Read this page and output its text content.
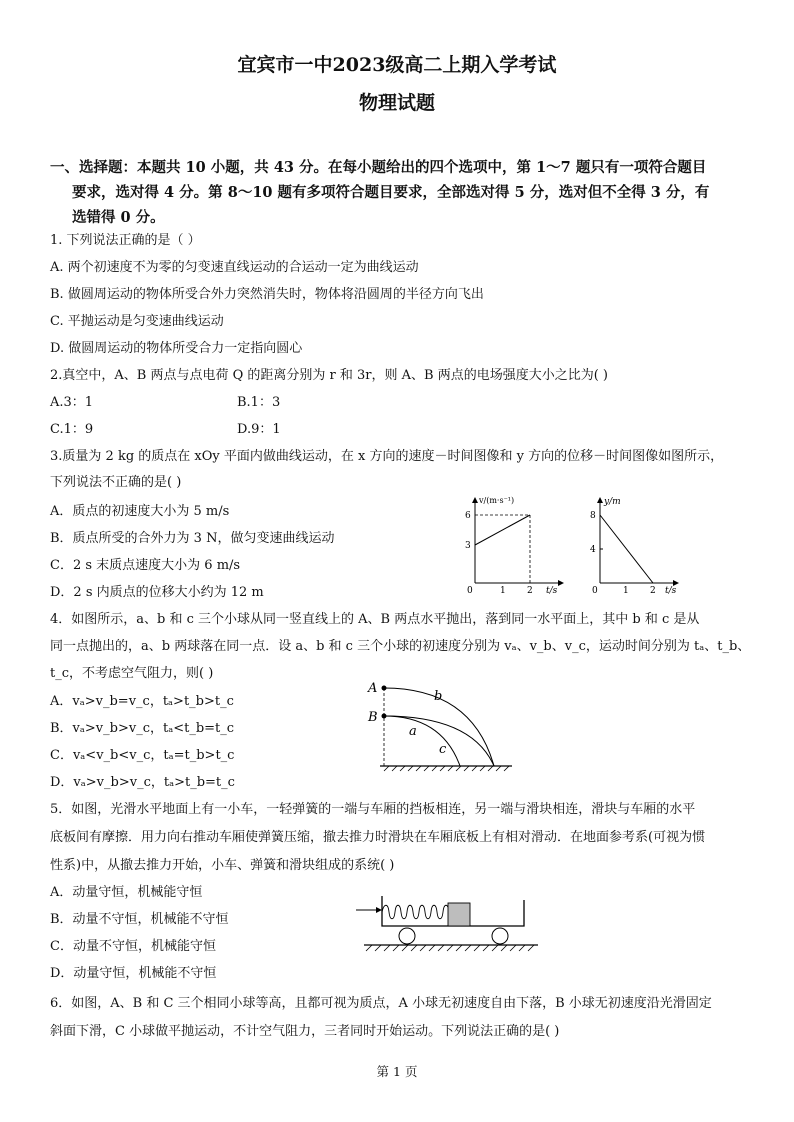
宜宾市一中2023级高二上期入学考试
物理试题
一、选择题：本题共 10 小题，共 43 分。在每小题给出的四个选项中，第 1～7 题只有一项符合题目
要求，选对得 4 分。第 8～10 题有多项符合题目要求，全部选对得 5 分，选对但不全得 3 分，有
选错得 0 分。
1. 下列说法正确的是（ ）
A. 两个初速度不为零的匀变速直线运动的合运动一定为曲线运动
B. 做圆周运动的物体所受合外力突然消失时，物体将沿圆周的半径方向飞出
C. 平抛运动是匀变速曲线运动
D. 做圆周运动的物体所受合力一定指向圆心
2.真空中，A、B 两点与点电荷 Q 的距离分别为 r 和 3r，则 A、B 两点的电场强度大小之比为( )
A.3：1	B.1：3
C.1：9	D.9：1
3.质量为 2 kg 的质点在 xOy 平面内做曲线运动，在 x 方向的速度－时间图像和 y 方向的位移－时间图像如图所示，
下列说法不正确的是( )
A．质点的初速度大小为 5 m/s
B．质点所受的合外力为 3 N，做匀变速曲线运动
C．2 s 末质点速度大小为 6 m/s
D．2 s 内质点的位移大小约为 12 m
v/(m·s⁻¹)
6
3
0	1 2 t/s
y/m
8
4
0	1 2 t/s
4．如图所示，a、b 和 c 三个小球从同一竖直线上的 A、B 两点水平抛出，落到同一水平面上，其中 b 和 c 是从
同一点抛出的，a、b 两球落在同一点．设 a、b 和 c 三个小球的初速度分别为 vₐ、v_b、v_c，运动时间分别为 tₐ、t_b、
t_c，不考虑空气阻力，则( )
A．vₐ>v_b=v_c，tₐ>t_b>t_c
B．vₐ>v_b>v_c，tₐ<t_b=t_c
C．vₐ<v_b<v_c，tₐ=t_b>t_c
D．vₐ>v_b>v_c，tₐ>t_b=t_c
A
B
b
a
c
5．如图，光滑水平地面上有一小车，一轻弹簧的一端与车厢的挡板相连，另一端与滑块相连，滑块与车厢的水平
底板间有摩擦．用力向右推动车厢使弹簧压缩，撤去推力时滑块在车厢底板上有相对滑动．在地面参考系(可视为惯
性系)中，从撤去推力开始，小车、弹簧和滑块组成的系统( )
A．动量守恒，机械能守恒
B．动量不守恒，机械能不守恒
C．动量不守恒，机械能守恒
D．动量守恒，机械能不守恒
6．如图，A、B 和 C 三个相同小球等高，且都可视为质点，A 小球无初速度自由下落，B 小球无初速度沿光滑固定
斜面下滑，C 小球做平抛运动，不计空气阻力，三者同时开始运动。下列说法正确的是( )
第 1 页
